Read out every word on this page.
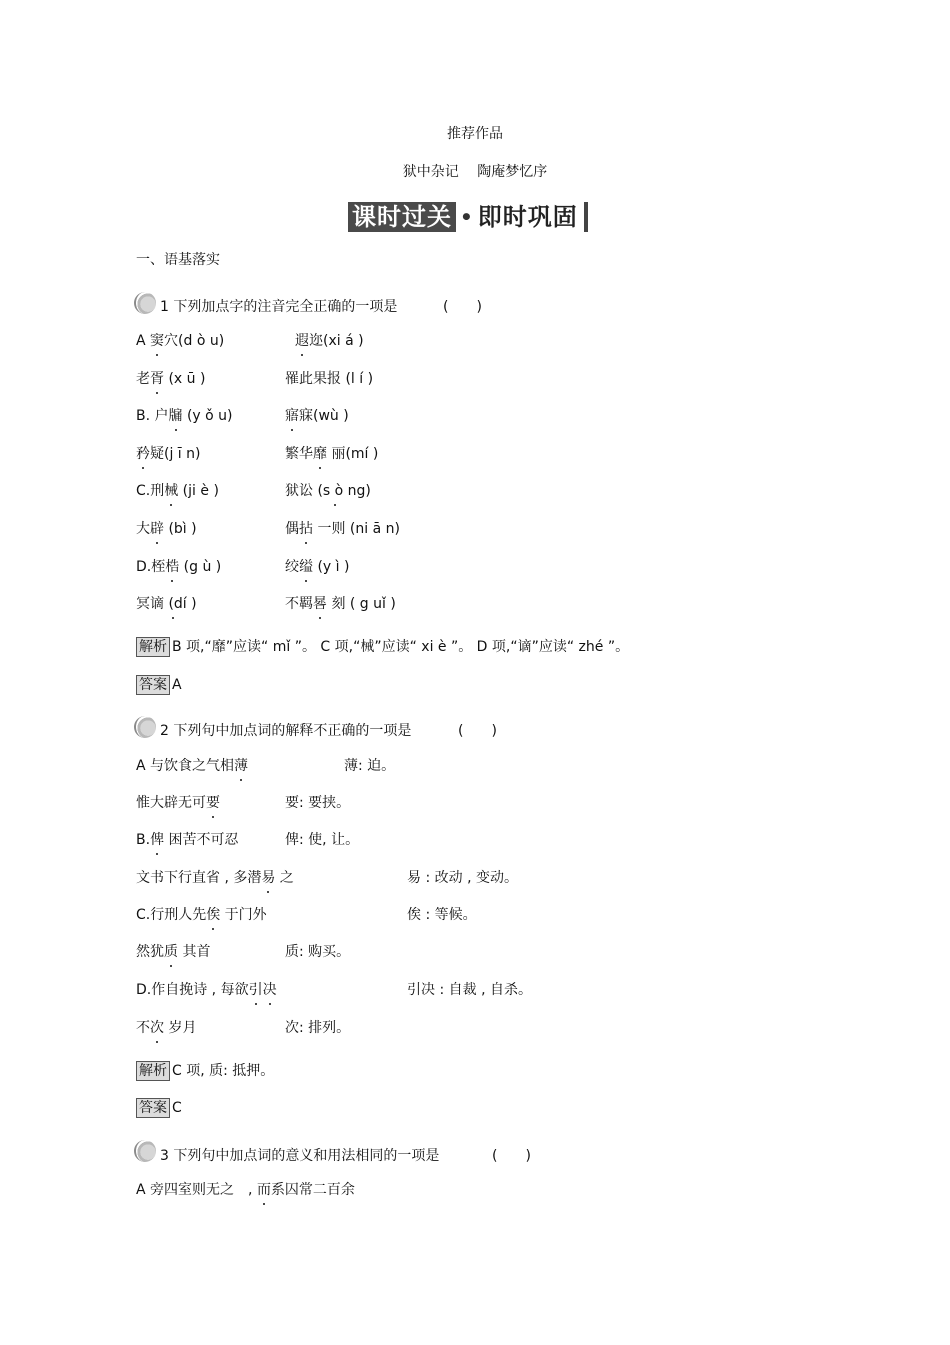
推荐作品
狱中杂记　 陶庵梦忆序
课时过关 • 即时巩固
一、语基落实
1 下列加点字的注音完全正确的一项是	(　　)
A 窦穴(d ò u)	遐迩(xi á )
老胥 (x ū )	罹此果报 (l í )
B. 户牖 (y ǒ u)	寤寐(wù )
矜疑(j ī n)	繁华靡 丽(mí )
C.刑械 (ji è )	狱讼 (s ò ng)
大辟 (bì )	偶拈 一则 (ni ā n)
D.桎梏 (g ù )	绞缢 (y ì )
冥谪 (dí )	不羁晷 刻 ( g uǐ )
解析 B 项,“靡”应读“ mǐ ”。 C 项,“械”应读“ xi è ”。 D 项,“谪”应读“ zhé ”。
答案 A
2 下列句中加点词的解释不正确的一项是	(　　)
A 与饮食之气相薄	薄: 迫。
惟大辟无可要	要: 要挟。
B.俾 困苦不可忍	俾: 使, 让。
文书下行直省 , 多潜易 之	易 : 改动 , 变动。
C.行刑人先俟 于门外	俟 : 等候。
然犹质 其首	质: 购买。
D.作自挽诗 , 每欲引决	引决 : 自裁 , 自杀。
不次 岁月	次: 排列。
解析 C 项, 质: 抵押。
答案 C
3 下列句中加点词的意义和用法相同的一项是	(　　)
A 旁四室则无之　, 而系囚常二百余
